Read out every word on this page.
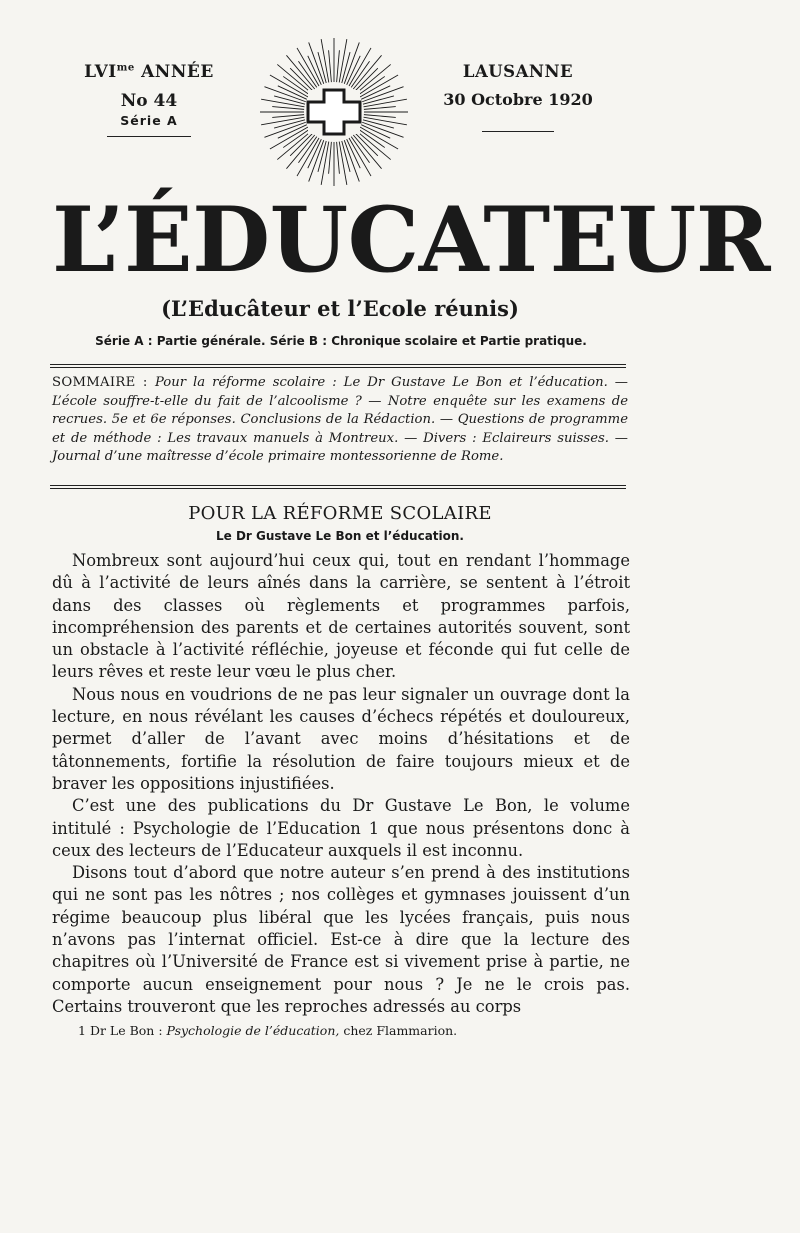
$LVI^{me}$ ANNÉE
No 44
Série A
LAUSANNE
30 Octobre 1920
L’ÉDUCATEUR
(L’Educâteur et l’Ecole réunis)
Série A : Partie générale. Série B : Chronique scolaire et Partie pratique.
SOMMAIRE : Pour la réforme scolaire : Le Dr Gustave Le Bon et l’éducation. — L’école souffre-t-elle du fait de l’alcoolisme ? — Notre enquête sur les examens de recrues. 5e et 6e réponses. Conclusions de la Rédaction. — Questions de programme et de méthode : Les travaux manuels à Montreux. — Divers : Eclaireurs suisses. — Journal d’une maîtresse d’école primaire montessorienne de Rome.
POUR LA RÉFORME SCOLAIRE
Le Dr Gustave Le Bon et l’éducation.

Nombreux sont aujourd’hui ceux qui, tout en rendant l’hommage dû à l’activité de leurs aînés dans la carrière, se sentent à l’étroit dans des classes où règlements et programmes parfois, incompréhension des parents et de certaines autorités souvent, sont un obstacle à l’activité réfléchie, joyeuse et féconde qui fut celle de leurs rêves et reste leur vœu le plus cher.

Nous nous en voudrions de ne pas leur signaler un ouvrage dont la lecture, en nous révélant les causes d’échecs répétés et douloureux, permet d’aller de l’avant avec moins d’hésitations et de tâtonnements, fortifie la résolution de faire toujours mieux et de braver les oppositions injustifiées.

C’est une des publications du Dr Gustave Le Bon, le volume intitulé : Psychologie de l’Education 1 que nous présentons donc à ceux des lecteurs de l’Educateur auxquels il est inconnu.

Disons tout d’abord que notre auteur s’en prend à des institutions qui ne sont pas les nôtres ; nos collèges et gymnases jouissent d’un régime beaucoup plus libéral que les lycées français, puis nous n’avons pas l’internat officiel. Est-ce à dire que la lecture des chapitres où l’Université de France est si vivement prise à partie, ne comporte aucun enseignement pour nous ? Je ne le crois pas. Certains trouveront que les reproches adressés au corps

1 Dr Le Bon : Psychologie de l’éducation, chez Flammarion.
